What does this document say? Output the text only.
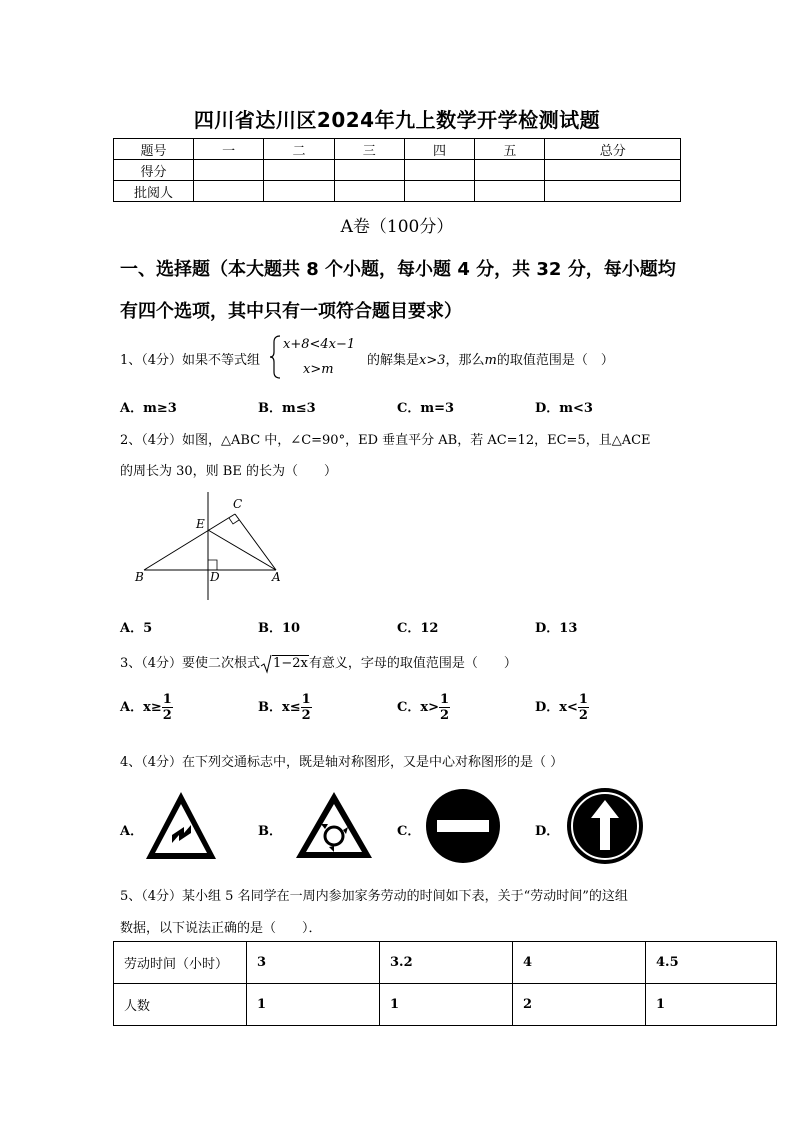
四川省达川区2024年九上数学开学检测试题
题号	一	二	三	四	五	总分
得分						
批阅人						
A卷（100分）
一、选择题（本大题共 8 个小题，每小题 4 分，共 32 分，每小题均
有四个选项，其中只有一项符合题目要求）
1、（4分）如果不等式组
x+8<4x−1
x>m
的解集是x>3，那么m的取值范围是（　）
A．m≥3	B．m≤3	C．m=3	D．m<3
2、（4分）如图，△ABC 中，∠C=90°，ED 垂直平分 AB，若 AC=12，EC=5，且△ACE
的周长为 30，则 BE 的长为（　　）
B	D	A
E
C
A．5	B．10	C．12	D．13
3、（4分）要使二次根式 1−2x有意义，字母的取值范围是（　　）
A．$x\ge \frac{1}{2}$	B．$x\le \frac{1}{2}$	C．$x> \frac{1}{2}$	D．$x< \frac{1}{2}$
4、（4分）在下列交通标志中，既是轴对称图形，又是中心对称图形的是（ ）
A．	B．	C．	D．
5、（4分）某小组 5 名同学在一周内参加家务劳动的时间如下表，关于“劳动时间”的这组
数据，以下说法正确的是（　　）．
劳动时间（小时）	3	3.2	4	4.5
人数	1	1	2	1
